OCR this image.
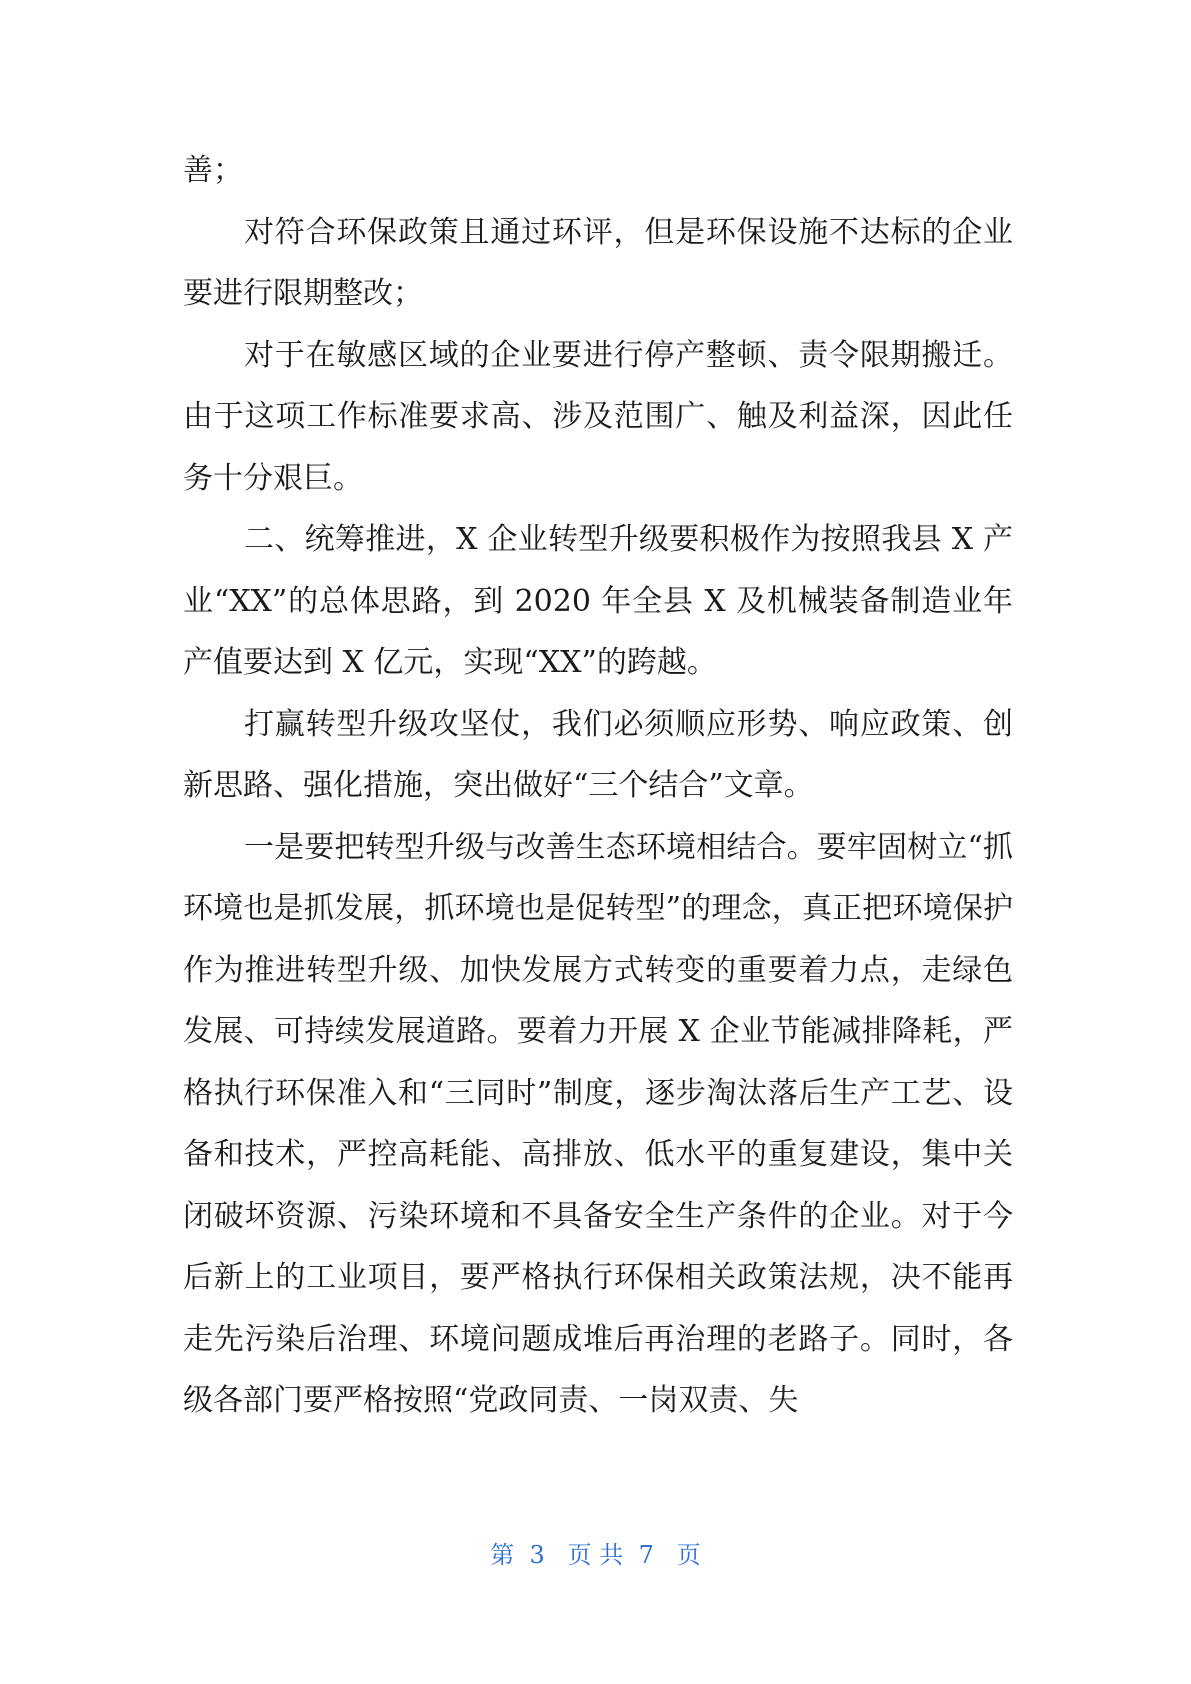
善；

对符合环保政策且通过环评，但是环保设施不达标的企业要进行限期整改；

对于在敏感区域的企业要进行停产整顿、责令限期搬迁。由于这项工作标准要求高、涉及范围广、触及利益深，因此任务十分艰巨。

二、统筹推进，X 企业转型升级要积极作为按照我县 X 产业“XX”的总体思路，到 2020 年全县 X 及机械装备制造业年产值要达到 X 亿元，实现“XX”的跨越。

打赢转型升级攻坚仗，我们必须顺应形势、响应政策、创新思路、强化措施，突出做好“三个结合”文章。

一是要把转型升级与改善生态环境相结合。要牢固树立“抓环境也是抓发展，抓环境也是促转型”的理念，真正把环境保护作为推进转型升级、加快发展方式转变的重要着力点，走绿色发展、可持续发展道路。要着力开展 X 企业节能减排降耗，严格执行环保准入和“三同时”制度，逐步淘汰落后生产工艺、设备和技术，严控高耗能、高排放、低水平的重复建设，集中关闭破坏资源、污染环境和不具备安全生产条件的企业。对于今后新上的工业项目，要严格执行环保相关政策法规，决不能再走先污染后治理、环境问题成堆后再治理的老路子。同时，各级各部门要严格按照“党政同责、一岗双责、失

第  3   页 共  7   页
